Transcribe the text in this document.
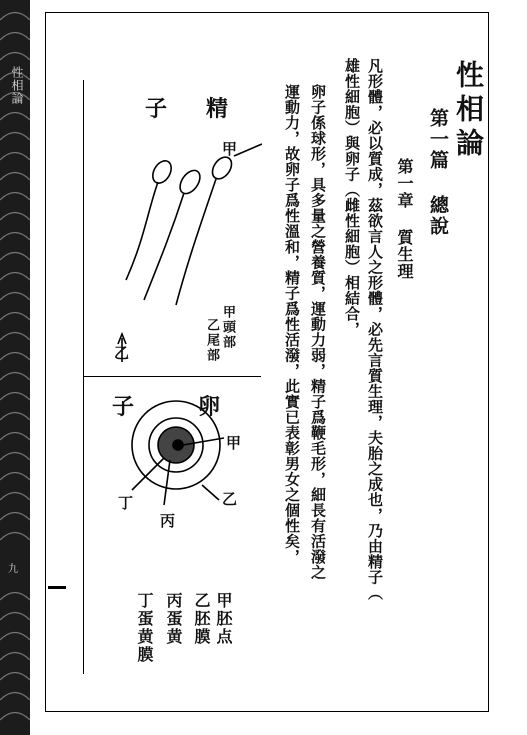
性相論
九
性相論
第一篇 總說
第一章 質生理
凡形體，必以質成，茲欲言人之形體，必先言質生理，夫胎之成也，乃由精子（
雄性細胞）與卵子（雌性細胞）相結合，
卵子係球形，具多量之營養質，運動力弱，精子爲鞭毛形，細長有活潑之
運動力，故卵子爲性溫和，精子爲性活潑，此實已表彰男女之個性矣，
子 精
甲
乙
甲頭部
乙尾部
子	卵
甲
乙
丙
丁
甲胚点
乙胚膜
丙蛋黄
丁蛋黄膜
